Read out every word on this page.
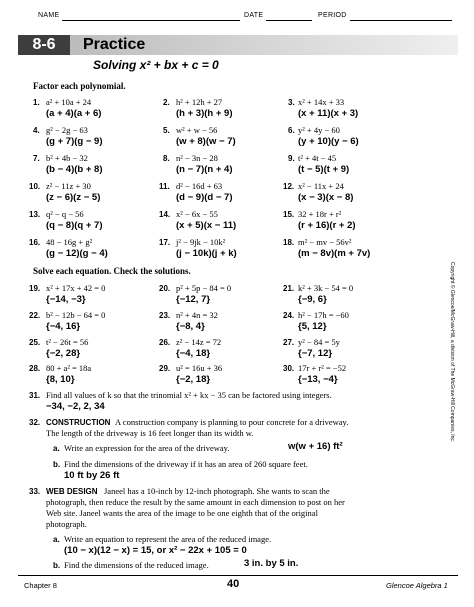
NAME	DATE	PERIOD
8-6	Practice
Solving x² + bx + c = 0
Factor each polynomial.
1. a² + 10a + 24
(a + 4)(a + 6)
2. h² + 12h + 27
(h + 3)(h + 9)
3. x² + 14x + 33
(x + 11)(x + 3)
4. g² − 2g − 63
(g + 7)(g − 9)
5. w² + w − 56
(w + 8)(w − 7)
6. y² + 4y − 60
(y + 10)(y − 6)
7. b² + 4b − 32
(b − 4)(b + 8)
8. n² − 3n − 28
(n − 7)(n + 4)
9. t² + 4t − 45
(t − 5)(t + 9)
10. z² − 11z + 30
(z − 6)(z − 5)
11. d² − 16d + 63
(d − 9)(d − 7)
12. x² − 11x + 24
(x − 3)(x − 8)
13. q² − q − 56
(q − 8)(q + 7)
14. x² − 6x − 55
(x + 5)(x − 11)
15. 32 + 18r + r²
(r + 16)(r + 2)
16. 48 − 16g + g²
(g − 12)(g − 4)
17. j² − 9jk − 10k²
(j − 10k)(j + k)
18. m² − mv − 56v²
(m − 8v)(m + 7v)
Solve each equation. Check the solutions.
19. x² + 17x + 42 = 0
{−14, −3}
20. p² + 5p − 84 = 0
{−12, 7}
21. k² + 3k − 54 = 0
{−9, 6}
22. b² − 12b − 64 = 0
{−4, 16}
23. n² + 4n = 32
{−8, 4}
24. h² − 17h = −60
{5, 12}
25. t² − 26t = 56
{−2, 28}
26. z² − 14z = 72
{−4, 18}
27. y² − 84 = 5y
{−7, 12}
28. 80 + a² = 18a
{8, 10}
29. u² = 16u + 36
{−2, 18}
30. 17r + r² = −52
{−13, −4}
31. Find all values of k so that the trinomial x² + kx − 35 can be factored using integers.
−34, −2, 2, 34
32. CONSTRUCTION A construction company is planning to pour concrete for a driveway.
The length of the driveway is 16 feet longer than its width w.
a. Write an expression for the area of the driveway.	w(w + 16) ft²
b. Find the dimensions of the driveway if it has an area of 260 square feet.
10 ft by 26 ft
33. WEB DESIGN Janeel has a 10-inch by 12-inch photograph. She wants to scan the
photograph, then reduce the result by the same amount in each dimension to post on her
Web site. Janeel wants the area of the image to be one eighth that of the original
photograph.
a. Write an equation to represent the area of the reduced image.
(10 − x)(12 − x) = 15, or x² − 22x + 105 = 0
b. Find the dimensions of the reduced image.	3 in. by 5 in.
Copyright © Glencoe/McGraw-Hill, a division of The McGraw-Hill Companies, Inc.
Chapter 8	40	Glencoe Algebra 1
